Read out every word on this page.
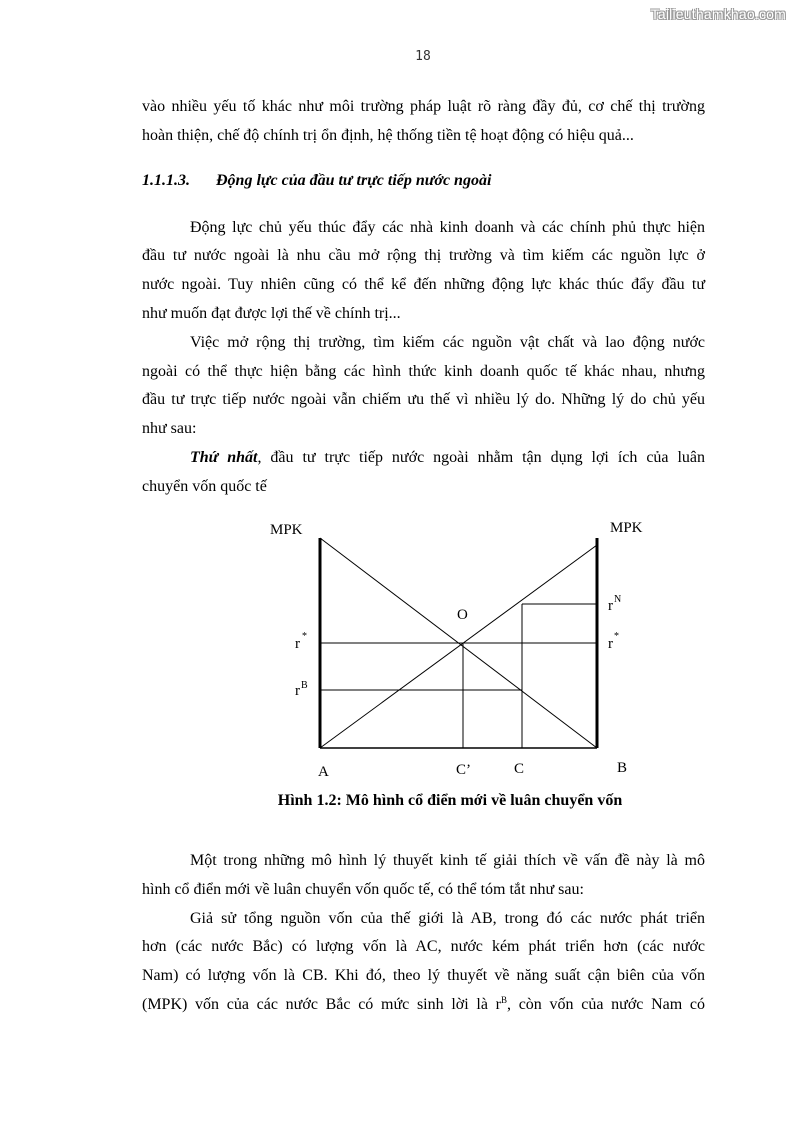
Tailieuthamkhao.com
18
vào nhiều yếu tố khác như môi trường pháp luật rõ ràng đầy đủ, cơ chế thị trường
hoàn thiện, chế độ chính trị ổn định, hệ thống tiền tệ hoạt động có hiệu quả...
1.1.1.3. Động lực của đầu tư trực tiếp nước ngoài
Động lực chủ yếu thúc đẩy các nhà kinh doanh và các chính phủ thực hiện
đầu tư nước ngoài là nhu cầu mở rộng thị trường và tìm kiếm các nguồn lực ở
nước ngoài. Tuy nhiên cũng có thể kể đến những động lực khác thúc đẩy đầu tư
như muốn đạt được lợi thế về chính trị...
Việc mở rộng thị trường, tìm kiếm các nguồn vật chất và lao động nước
ngoài có thể thực hiện bằng các hình thức kinh doanh quốc tế khác nhau, nhưng
đầu tư trực tiếp nước ngoài vẫn chiếm ưu thế vì nhiều lý do. Những lý do chủ yếu
như sau:
Thứ nhất, đầu tư trực tiếp nước ngoài nhằm tận dụng lợi ích của luân
chuyển vốn quốc tế
MPK	MPK
O
r *
r B
r N
r *
A	C’	C	B
Hình 1.2: Mô hình cổ điển mới về luân chuyển vốn
Một trong những mô hình lý thuyết kinh tế giải thích về vấn đề này là mô
hình cổ điển mới về luân chuyển vốn quốc tế, có thể tóm tắt như sau:
Giả sử tổng nguồn vốn của thế giới là AB, trong đó các nước phát triển
hơn (các nước Bắc) có lượng vốn là AC, nước kém phát triển hơn (các nước
Nam) có lượng vốn là CB. Khi đó, theo lý thuyết về năng suất cận biên của vốn
(MPK) vốn của các nước Bắc có mức sinh lời là $r^B$, còn vốn của nước Nam có
